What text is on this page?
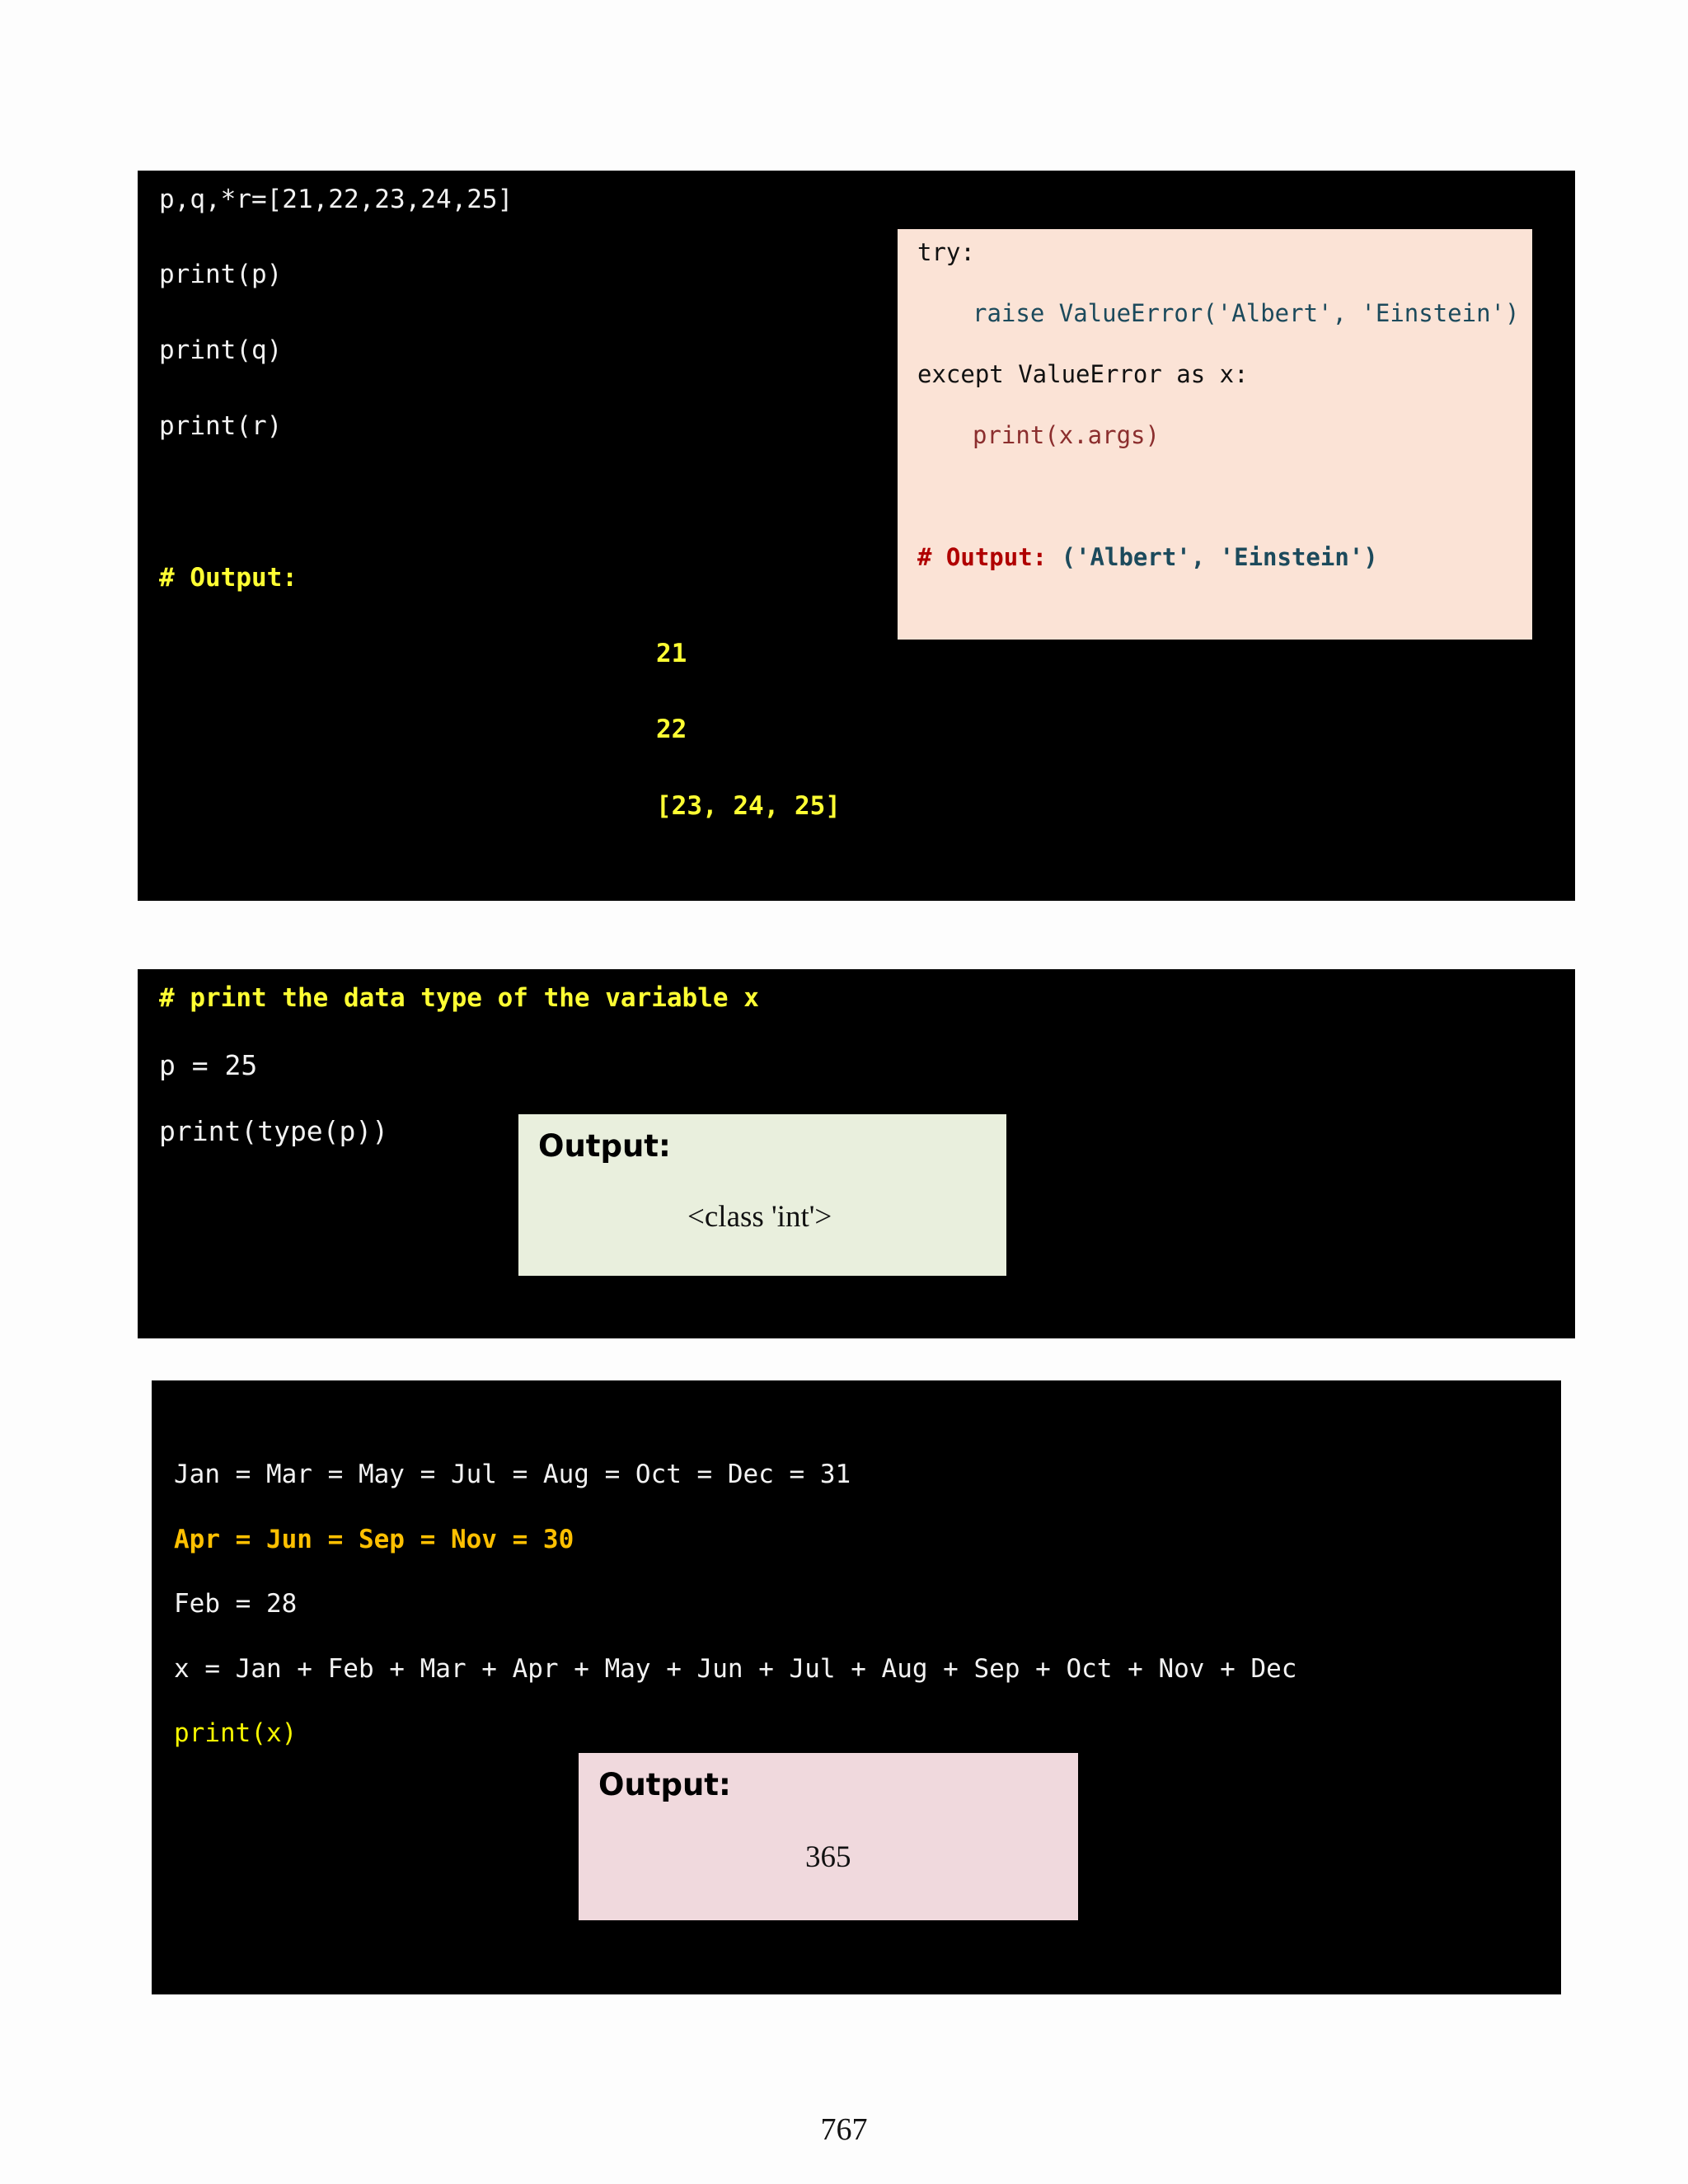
p,q,*r=[21,22,23,24,25]
print(p)
print(q)
print(r)
# Output:
21
22
[23, 24, 25]
try:
raise ValueError('Albert', 'Einstein')
except ValueError as x:
print(x.args)
# Output: ('Albert', 'Einstein')
# print the data type of the variable x
p = 25
print(type(p))	Output:
<class 'int'>
Jan = Mar = May = Jul = Aug = Oct = Dec = 31
Apr = Jun = Sep = Nov = 30
Feb = 28
x = Jan + Feb + Mar + Apr + May + Jun + Jul + Aug + Sep + Oct + Nov + Dec
print(x)
Output:
365
767
